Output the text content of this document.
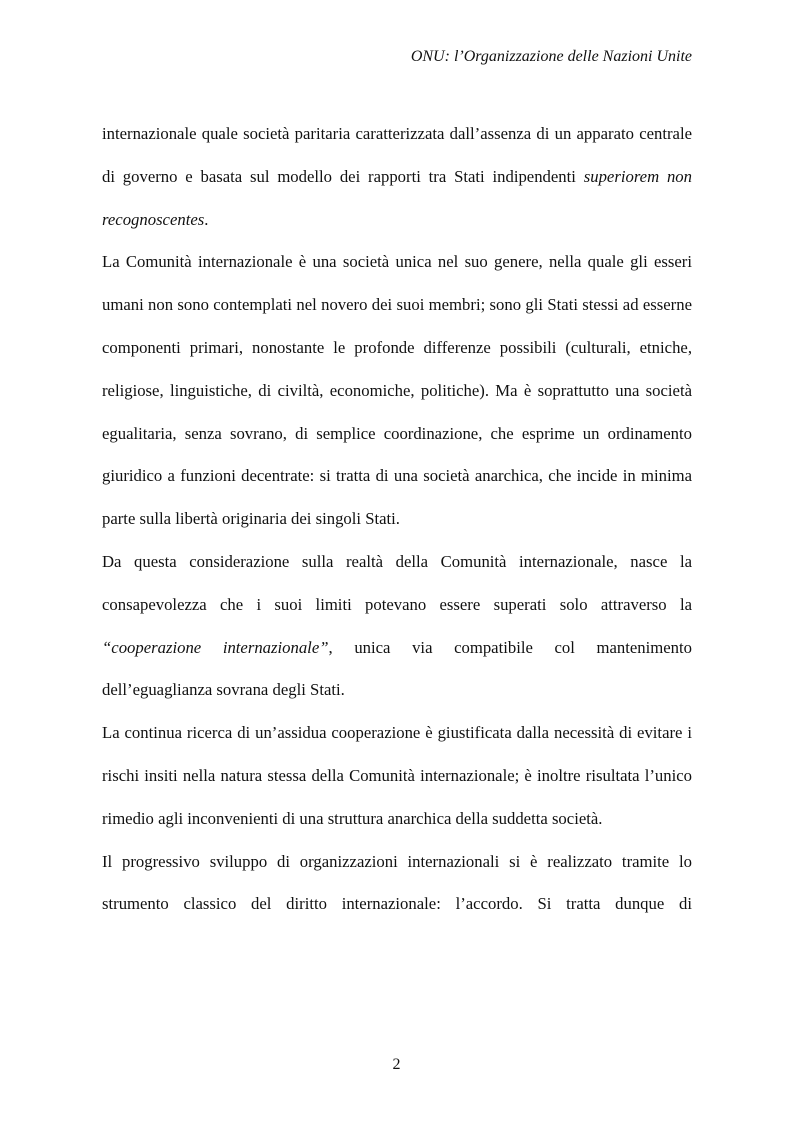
ONU: l’Organizzazione delle Nazioni Unite

internazionale quale società paritaria caratterizzata dall’assenza di un apparato centrale di governo e basata sul modello dei rapporti tra Stati indipendenti superiorem non recognoscentes.

La Comunità internazionale è una società unica nel suo genere, nella quale gli esseri umani non sono contemplati nel novero dei suoi membri; sono gli Stati stessi ad esserne componenti primari, nonostante le profonde differenze possibili (culturali, etniche, religiose, linguistiche, di civiltà, economiche, politiche). Ma è soprattutto una società egualitaria, senza sovrano, di semplice coordinazione, che esprime un ordinamento giuridico a funzioni decentrate: si tratta di una società anarchica, che incide in minima parte sulla libertà originaria dei singoli Stati.

Da questa considerazione sulla realtà della Comunità internazionale, nasce la consapevolezza che i suoi limiti potevano essere superati solo attraverso la “cooperazione internazionale”, unica via compatibile col mantenimento dell’eguaglianza sovrana degli Stati.

La continua ricerca di un’assidua cooperazione è giustificata dalla necessità di evitare i rischi insiti nella natura stessa della Comunità internazionale; è inoltre risultata l’unico rimedio agli inconvenienti di una struttura anarchica della suddetta società.

Il progressivo sviluppo di organizzazioni internazionali si è realizzato tramite lo strumento classico del diritto internazionale: l’accordo. Si tratta dunque di

2
